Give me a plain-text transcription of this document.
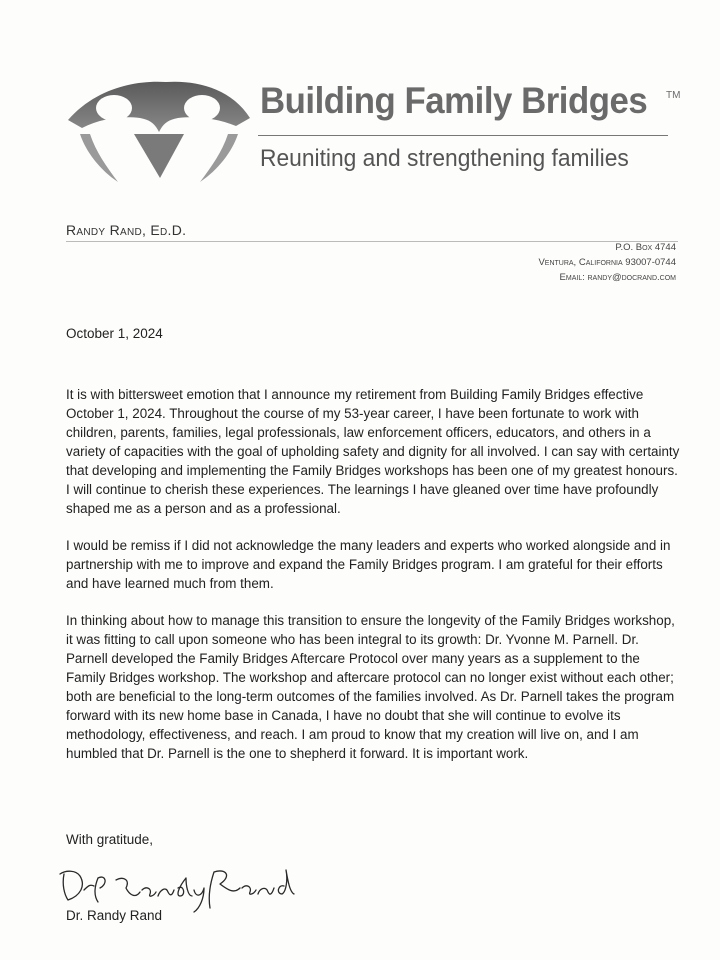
Building Family Bridges TM
Reuniting and strengthening families
Randy Rand, Ed.D.
P.O. Box 4744
Ventura, California 93007-0744
Email: randy@docrand.com
October 1, 2024

It is with bittersweet emotion that I announce my retirement from Building Family Bridges effective October 1, 2024. Throughout the course of my 53-year career, I have been fortunate to work with children, parents, families, legal professionals, law enforcement officers, educators, and others in a variety of capacities with the goal of upholding safety and dignity for all involved. I can say with certainty that developing and implementing the Family Bridges workshops has been one of my greatest honours. I will continue to cherish these experiences. The learnings I have gleaned over time have profoundly shaped me as a person and as a professional.

I would be remiss if I did not acknowledge the many leaders and experts who worked alongside and in partnership with me to improve and expand the Family Bridges program. I am grateful for their efforts and have learned much from them.

In thinking about how to manage this transition to ensure the longevity of the Family Bridges workshop, it was fitting to call upon someone who has been integral to its growth: Dr. Yvonne M. Parnell. Dr. Parnell developed the Family Bridges Aftercare Protocol over many years as a supplement to the Family Bridges workshop. The workshop and aftercare protocol can no longer exist without each other; both are beneficial to the long-term outcomes of the families involved. As Dr. Parnell takes the program forward with its new home base in Canada, I have no doubt that she will continue to evolve its methodology, effectiveness, and reach. I am proud to know that my creation will live on, and I am humbled that Dr. Parnell is the one to shepherd it forward. It is important work.

With gratitude,
Dr. Randy Rand
